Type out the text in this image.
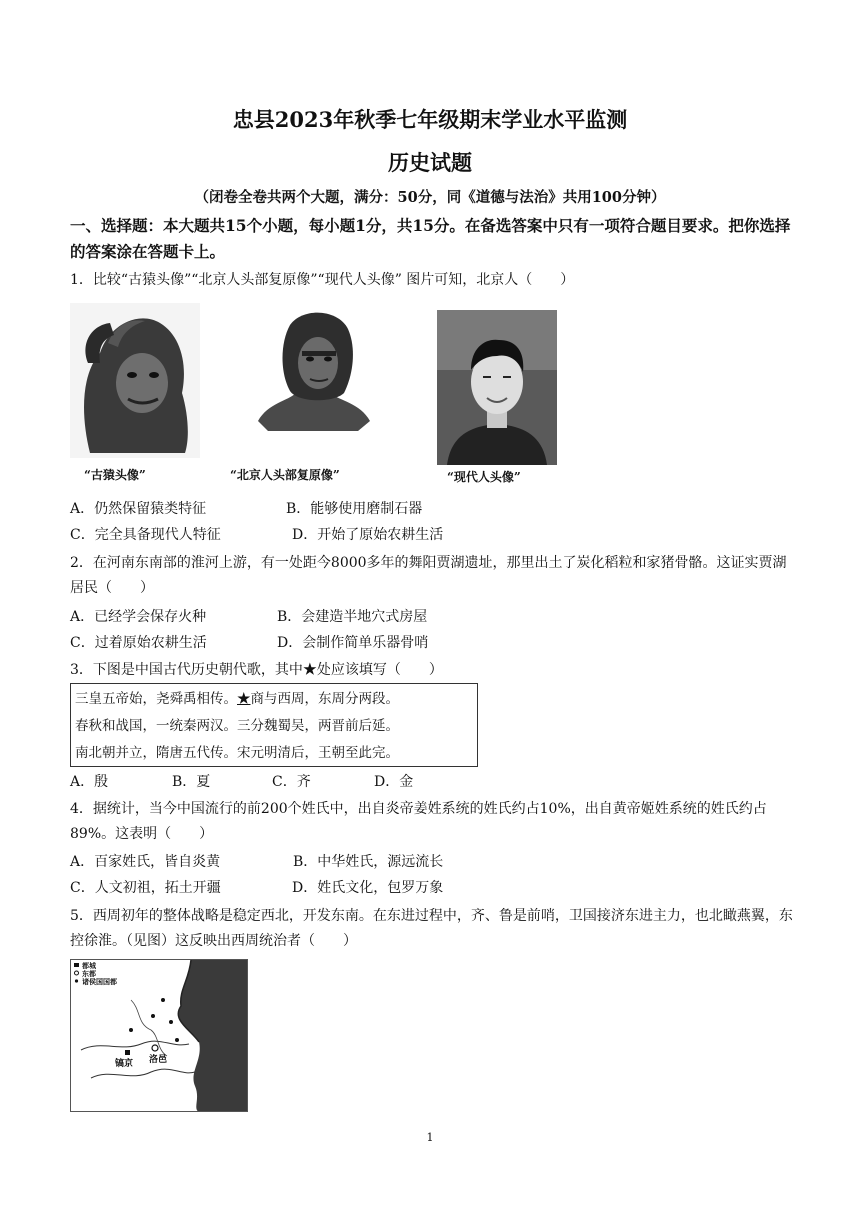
忠县2023年秋季七年级期末学业水平监测
历史试题
（闭卷全卷共两个大题，满分：50分，同《道德与法治》共用100分钟）
一、选择题：本大题共15个小题，每小题1分，共15分。在备选答案中只有一项符合题目要求。把你选择的答案涂在答题卡上。
1．比较“古猿头像”“北京人头部复原像”“现代人头像” 图片可知，北京人（　　）
“古猿头像”	“北京人头部复原像”	“现代人头像”
A．仍然保留猿类特征	B．能够使用磨制石器
C．完全具备现代人特征	D．开始了原始农耕生活
2．在河南东南部的淮河上游，有一处距今8000多年的舞阳贾湖遗址，那里出土了炭化稻粒和家猪骨骼。这证实贾湖居民（　　）
A．已经学会保存火种	B．会建造半地穴式房屋
C．过着原始农耕生活	D．会制作简单乐器骨哨
3．下图是中国古代历史朝代歌，其中★处应该填写（　　）
三皇五帝始，尧舜禹相传。★商与西周，东周分两段。
春秋和战国，一统秦两汉。三分魏蜀吴，两晋前后延。
南北朝并立，隋唐五代传。宋元明清后，王朝至此完。
A．殷	B．夏	C．齐	D．金
4．据统计，当今中国流行的前200个姓氏中，出自炎帝姜姓系统的姓氏约占10%，出自黄帝姬姓系统的姓氏约占89%。这表明（　　）
A．百家姓氏，皆自炎黄	B．中华姓氏，源远流长
C．人文初祖，拓土开疆	D．姓氏文化，包罗万象
5．西周初年的整体战略是稳定西北，开发东南。在东进过程中，齐、鲁是前哨，卫国接济东进主力，也北瞰燕翼，东控徐淮。（见图）这反映出西周统治者（　　）
都城
东都
诸侯国国都
镐京 洛邑
1
